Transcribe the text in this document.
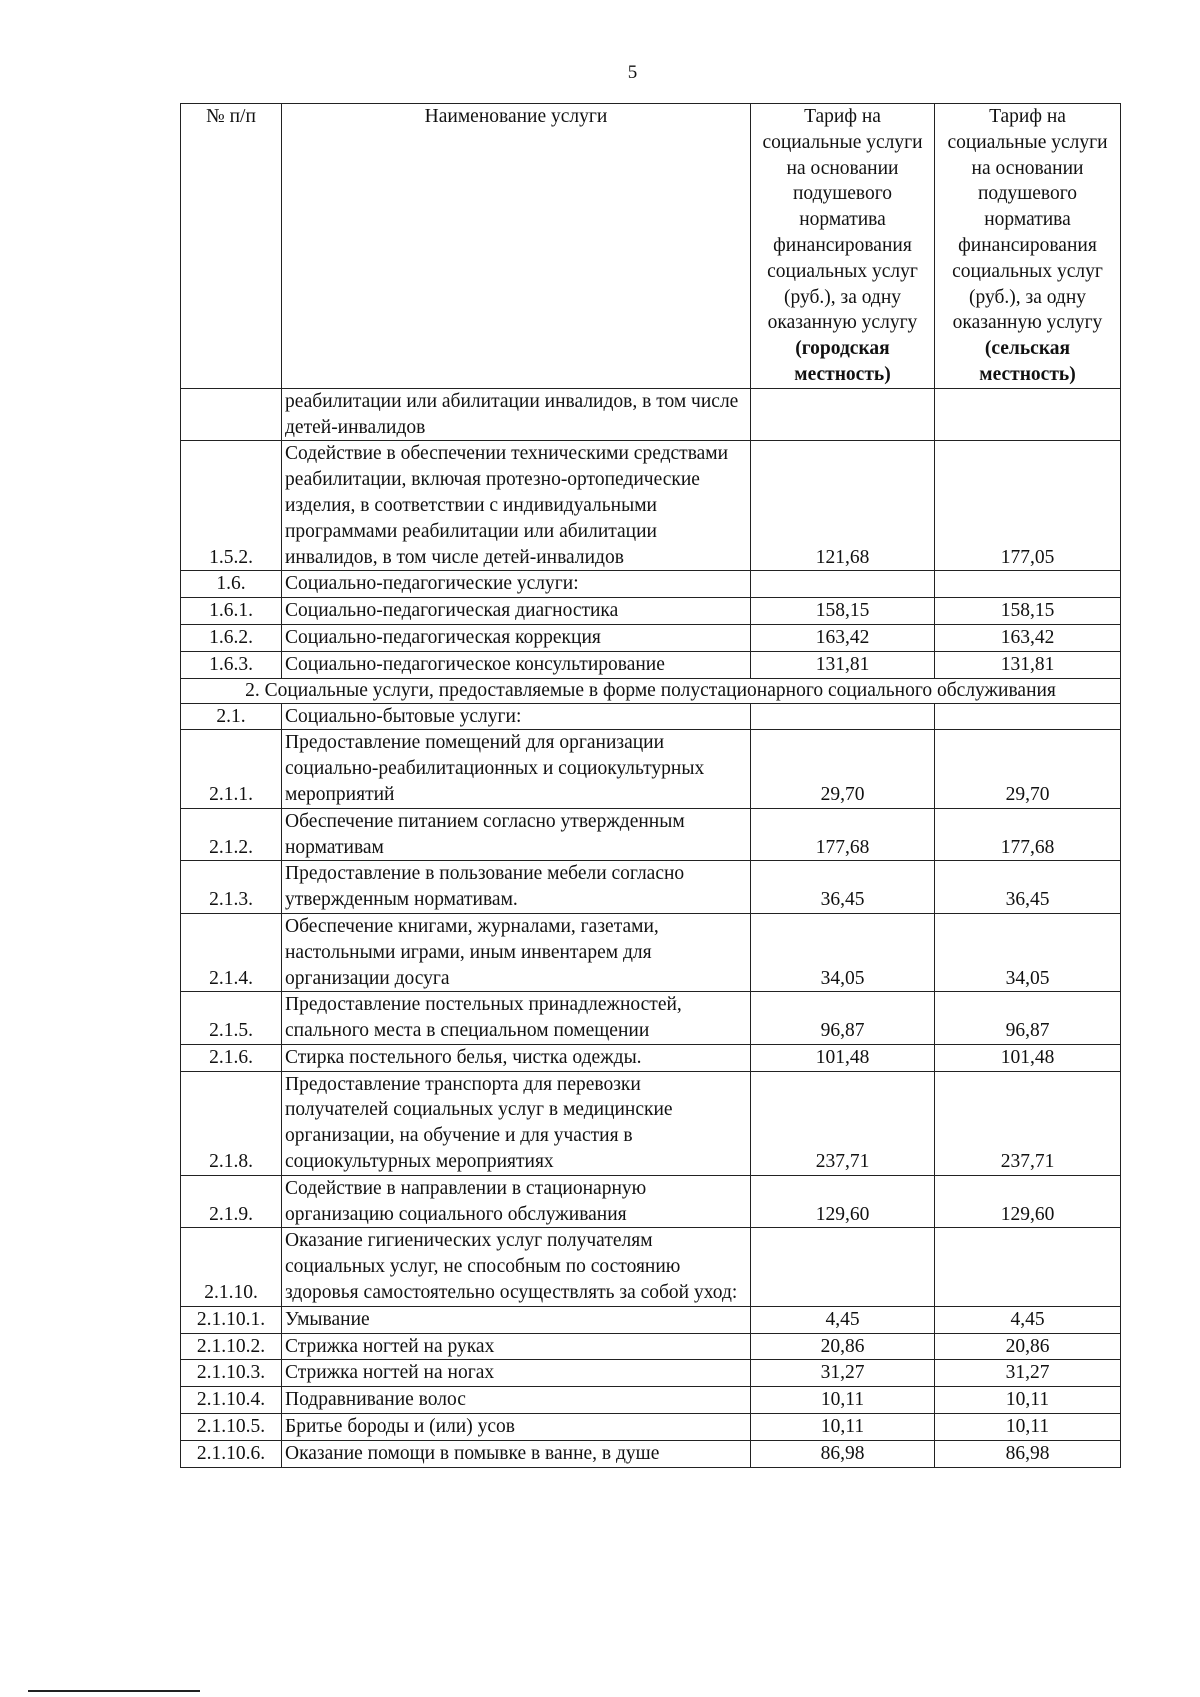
5
№ п/п	Наименование услуги	Тариф на социальные услуги на основании подушевого норматива финансирования социальных услуг (руб.), за одну оказанную услугу (городская местность)	Тариф на социальные услуги на основании подушевого норматива финансирования социальных услуг (руб.), за одну оказанную услугу (сельская местность)
	реабилитации или абилитации инвалидов, в том числе детей-инвалидов		
1.5.2.	Содействие в обеспечении техническими средствами реабилитации, включая протезно-ортопедические изделия, в соответствии с индивидуальными программами реабилитации или абилитации инвалидов, в том числе детей-инвалидов	121,68	177,05
1.6.	Социально-педагогические услуги:		
1.6.1.	Социально-педагогическая диагностика	158,15	158,15
1.6.2.	Социально-педагогическая коррекция	163,42	163,42
1.6.3.	Социально-педагогическое консультирование	131,81	131,81
2. Социальные услуги, предоставляемые в форме полустационарного социального обслуживания			
2.1.	Социально-бытовые услуги:		
2.1.1.	Предоставление помещений для организации социально-реабилитационных и социокультурных мероприятий	29,70	29,70
2.1.2.	Обеспечение питанием согласно утвержденным нормативам	177,68	177,68
2.1.3.	Предоставление в пользование мебели согласно утвержденным нормативам.	36,45	36,45
2.1.4.	Обеспечение книгами, журналами, газетами, настольными играми, иным инвентарем для организации досуга	34,05	34,05
2.1.5.	Предоставление постельных принадлежностей, спального места в специальном помещении	96,87	96,87
2.1.6.	Стирка постельного белья, чистка одежды.	101,48	101,48
2.1.8.	Предоставление транспорта для перевозки получателей социальных услуг в медицинские организации, на обучение и для участия в социокультурных мероприятиях	237,71	237,71
2.1.9.	Содействие в направлении в стационарную организацию социального обслуживания	129,60	129,60
2.1.10.	Оказание гигиенических услуг получателям социальных услуг, не способным по состоянию здоровья самостоятельно осуществлять за собой уход:		
2.1.10.1.	Умывание	4,45	4,45
2.1.10.2.	Стрижка ногтей на руках	20,86	20,86
2.1.10.3.	Стрижка ногтей на ногах	31,27	31,27
2.1.10.4.	Подравнивание волос	10,11	10,11
2.1.10.5.	Бритье бороды и (или) усов	10,11	10,11
2.1.10.6.	Оказание помощи в помывке в ванне, в душе	86,98	86,98
